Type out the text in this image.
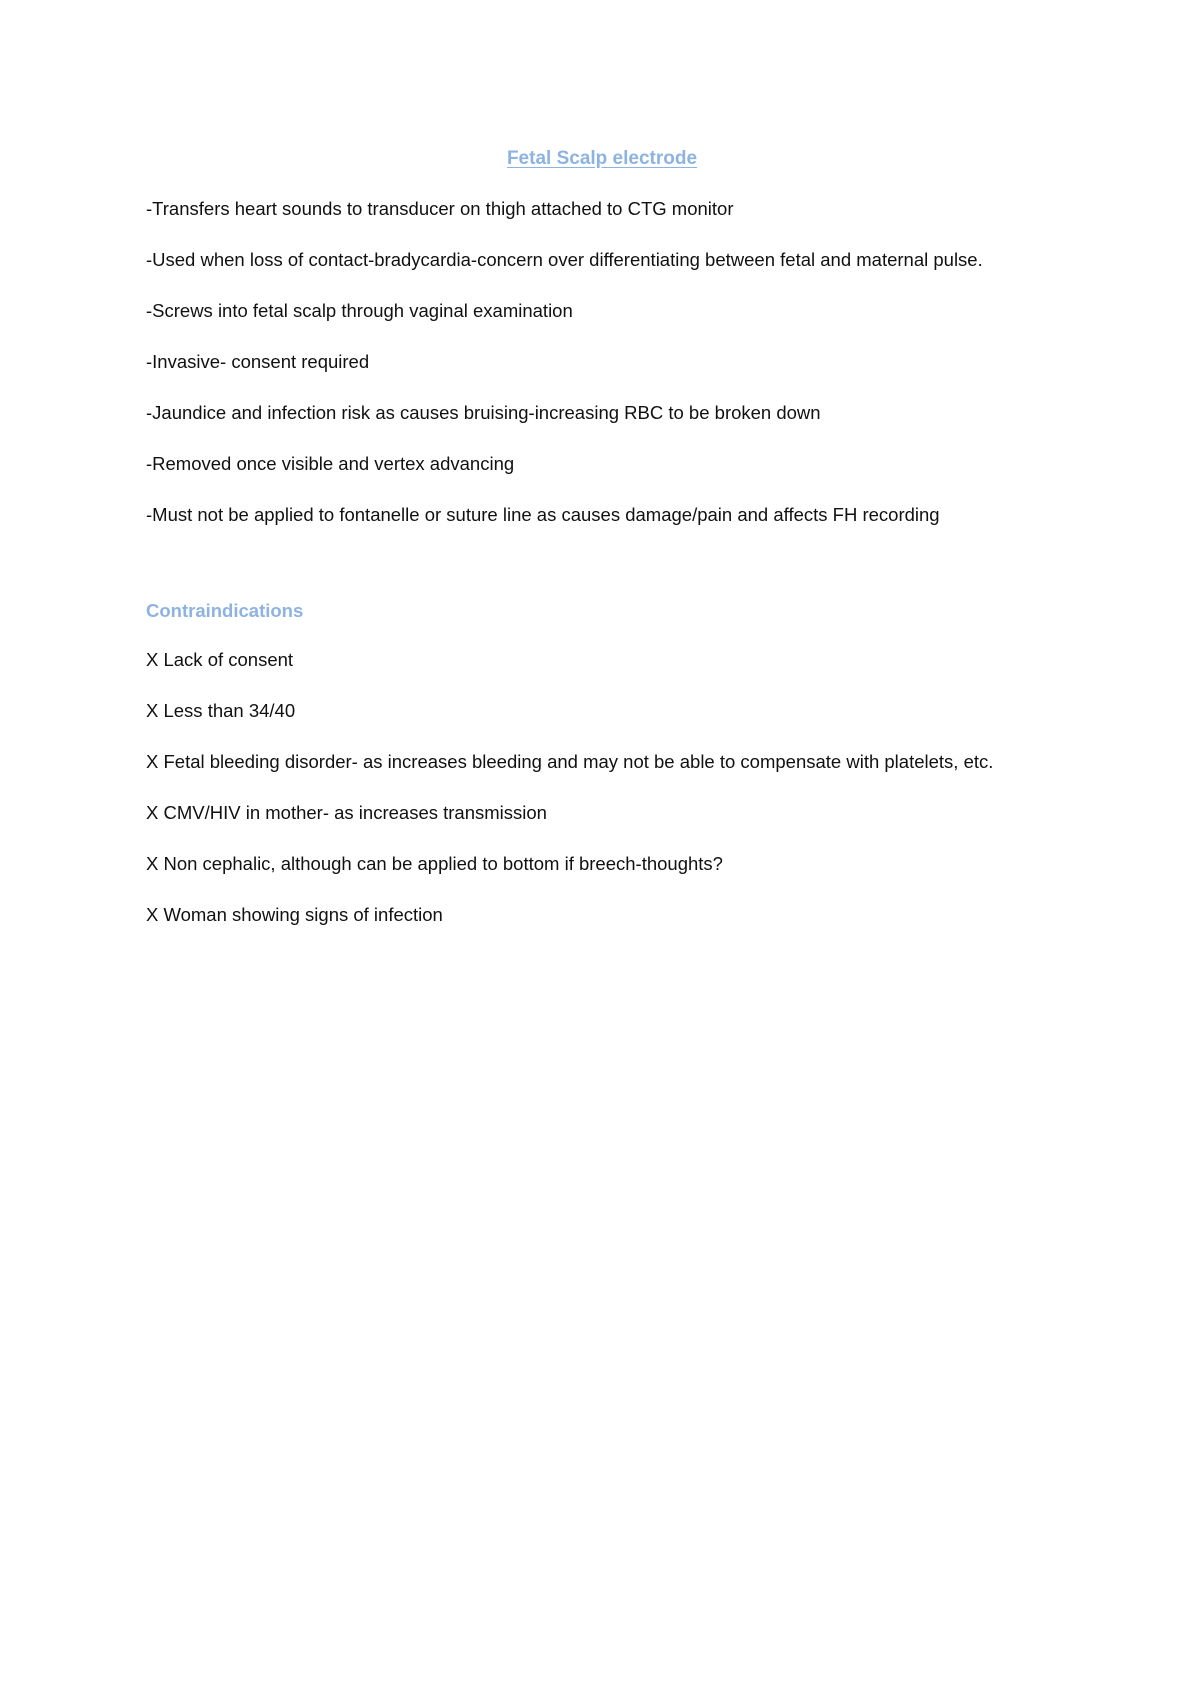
Fetal Scalp electrode

-Transfers heart sounds to transducer on thigh attached to CTG monitor

-Used when loss of contact-bradycardia-concern over differentiating between fetal and maternal pulse.

-Screws into fetal scalp through vaginal examination

-Invasive- consent required

-Jaundice and infection risk as causes bruising-increasing RBC to be broken down

-Removed once visible and vertex advancing

-Must not be applied to fontanelle or suture line as causes damage/pain and affects FH recording

Contraindications

X Lack of consent

X Less than 34/40

X Fetal bleeding disorder- as increases bleeding and may not be able to compensate with platelets, etc.

X CMV/HIV in mother- as increases transmission

X Non cephalic, although can be applied to bottom if breech-thoughts?

X Woman showing signs of infection
